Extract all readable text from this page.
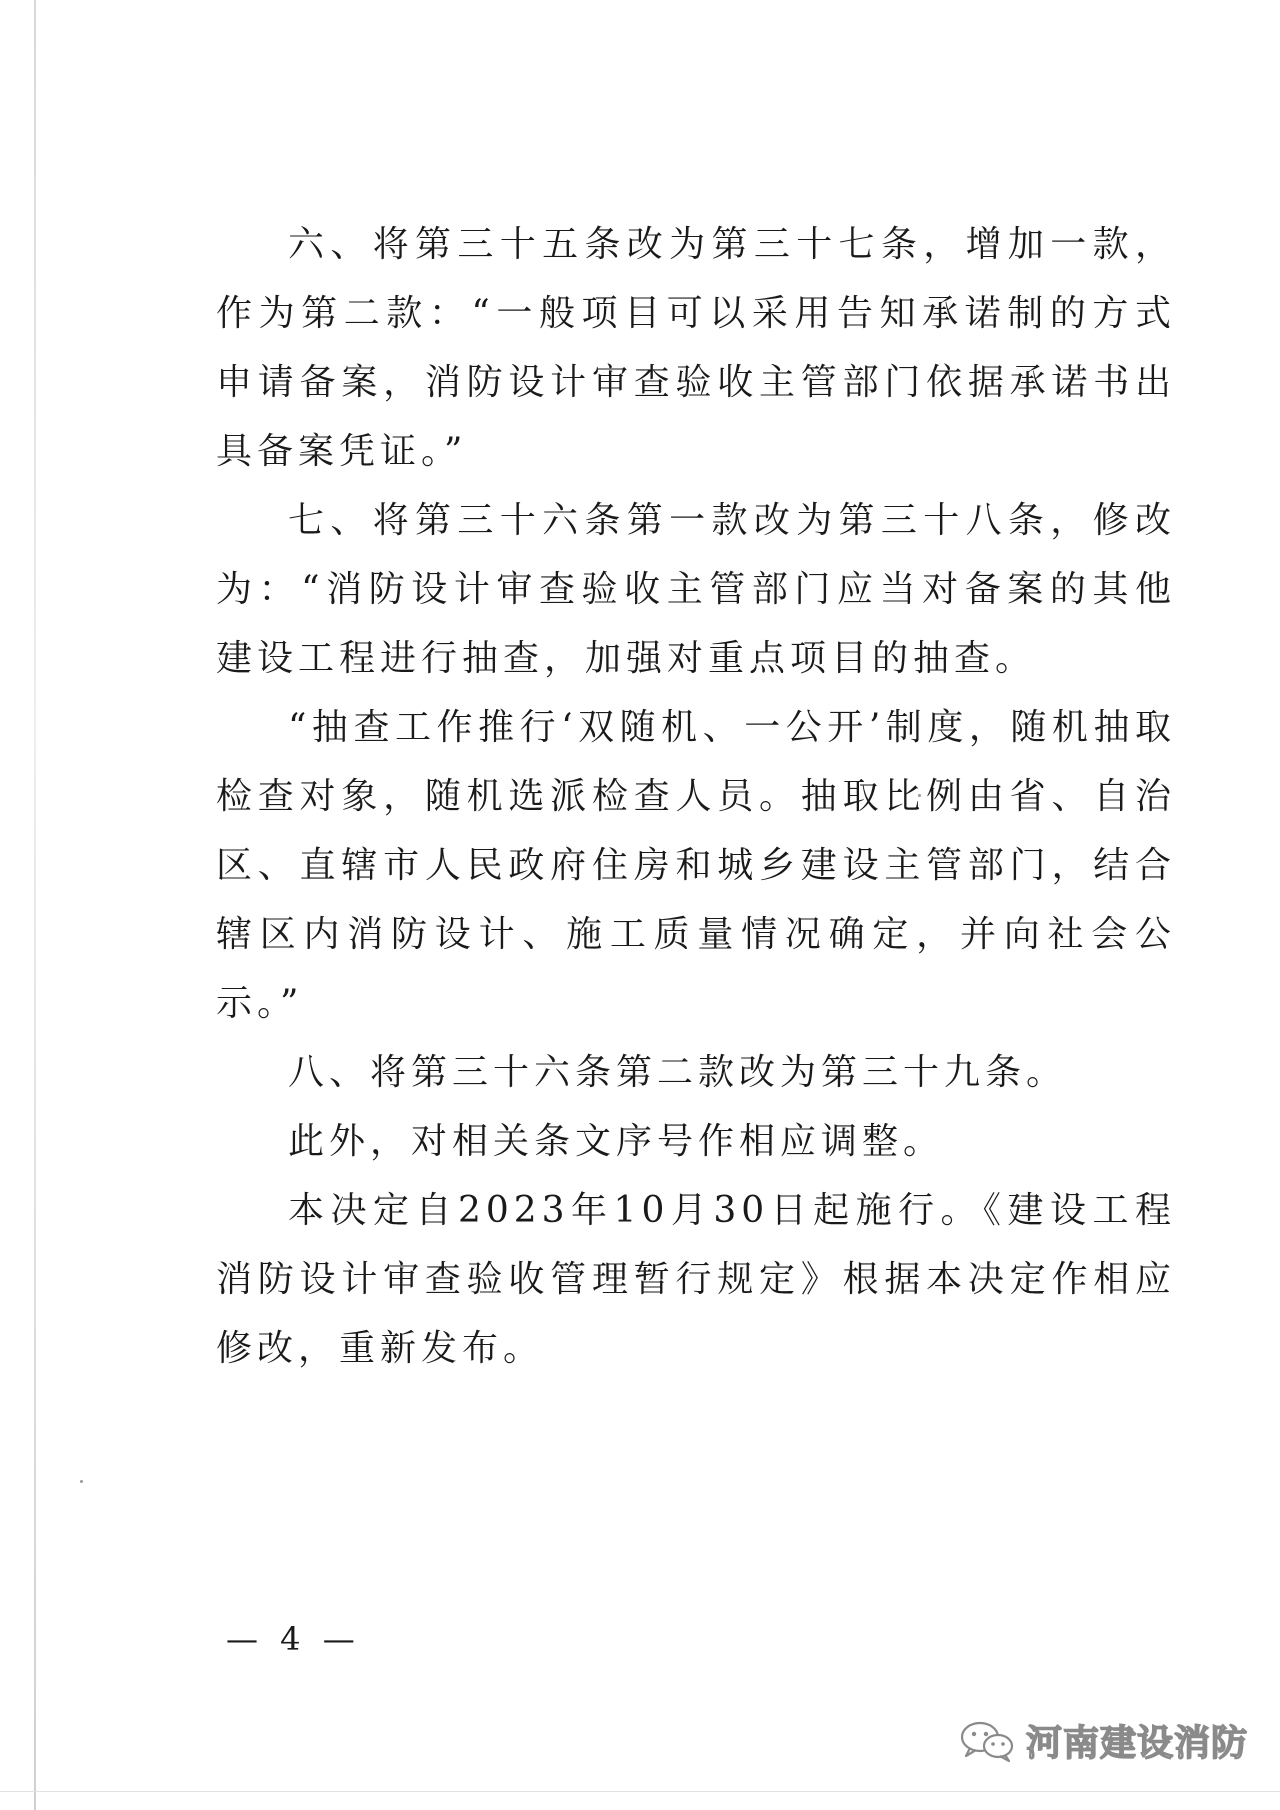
六、将第三十五条改为第三十七条，增加一款，作为第二款：“一般项目可以采用告知承诺制的方式申请备案，消防设计审查验收主管部门依据承诺书出具备案凭证。”

七、将第三十六条第一款改为第三十八条，修改为：“消防设计审查验收主管部门应当对备案的其他建设工程进行抽查，加强对重点项目的抽查。

“抽查工作推行‘双随机、一公开’制度，随机抽取检查对象，随机选派检查人员。抽取比例由省、自治区、直辖市人民政府住房和城乡建设主管部门，结合辖区内消防设计、施工质量情况确定，并向社会公示。”

八、将第三十六条第二款改为第三十九条。

此外，对相关条文序号作相应调整。

本决定自2023年10月30日起施行。《建设工程消防设计审查验收管理暂行规定》根据本决定作相应修改，重新发布。

— 4 —
河南建设消防
